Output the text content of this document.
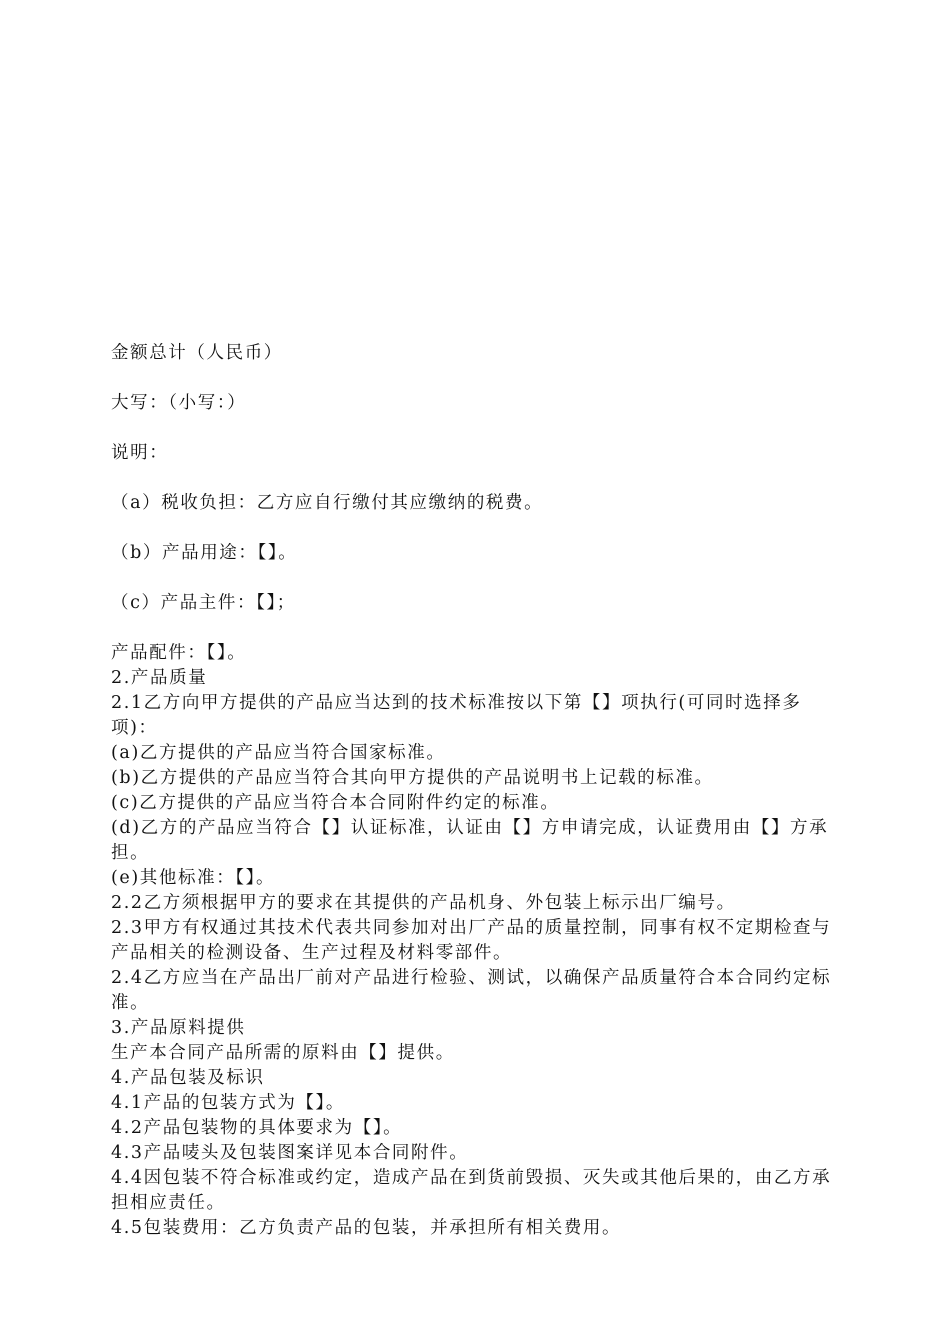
金额总计（人民币）
大写：（小写：）
说明：
（a）税收负担：乙方应自行缴付其应缴纳的税费。
（b）产品用途：【】。
（c）产品主件：【】；
产品配件：【】。
2.产品质量
2.1乙方向甲方提供的产品应当达到的技术标准按以下第【】项执行(可同时选择多项)：
(a)乙方提供的产品应当符合国家标准。
(b)乙方提供的产品应当符合其向甲方提供的产品说明书上记载的标准。
(c)乙方提供的产品应当符合本合同附件约定的标准。
(d)乙方的产品应当符合【】认证标准，认证由【】方申请完成，认证费用由【】方承担。
(e)其他标准：【】。
2.2乙方须根据甲方的要求在其提供的产品机身、外包装上标示出厂编号。
2.3甲方有权通过其技术代表共同参加对出厂产品的质量控制，同事有权不定期检查与产品相关的检测设备、生产过程及材料零部件。
2.4乙方应当在产品出厂前对产品进行检验、测试，以确保产品质量符合本合同约定标准。
3.产品原料提供
生产本合同产品所需的原料由【】提供。
4.产品包装及标识
4.1产品的包装方式为【】。
4.2产品包装物的具体要求为【】。
4.3产品唛头及包装图案详见本合同附件。
4.4因包装不符合标准或约定，造成产品在到货前毁损、灭失或其他后果的，由乙方承担相应责任。
4.5包装费用：乙方负责产品的包装，并承担所有相关费用。
